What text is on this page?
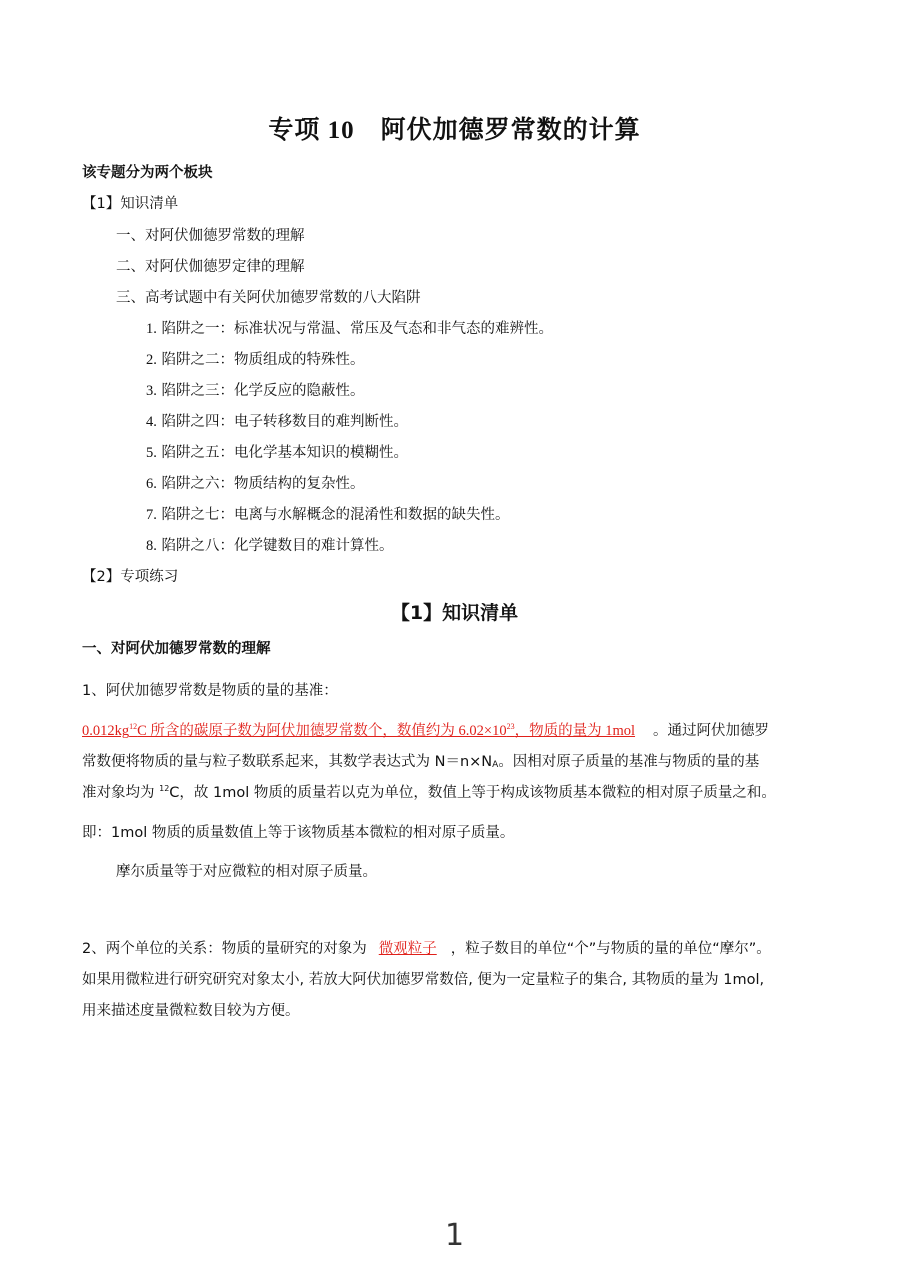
专项 10　阿伏加德罗常数的计算
该专题分为两个板块
【1】知识清单
一、对阿伏伽德罗常数的理解
二、对阿伏伽德罗定律的理解
三、高考试题中有关阿伏加德罗常数的八大陷阱
1. 陷阱之一：标准状况与常温、常压及气态和非气态的难辨性。
2. 陷阱之二：物质组成的特殊性。
3. 陷阱之三：化学反应的隐蔽性。
4. 陷阱之四：电子转移数目的难判断性。
5. 陷阱之五：电化学基本知识的模糊性。
6. 陷阱之六：物质结构的复杂性。
7. 陷阱之七：电离与水解概念的混淆性和数据的缺失性。
8. 陷阱之八：化学键数目的难计算性。
【2】专项练习
【1】知识清单
一、对阿伏加德罗常数的理解
1、阿伏加德罗常数是物质的量的基准：
$0.012kg^{12}C$ 所含的碳原子数为阿伏加德罗常数个，数值约为 $6.02\times 10^{23}$，物质的量为 1mol 。通过阿伏加德罗
常数便将物质的量与粒子数联系起来，其数学表达式为 $N=n\times N_A$。因相对原子质量的基准与物质的量的基
准对象均为 $^{12}$C，故 1mol 物质的质量若以克为单位，数值上等于构成该物质基本微粒的相对原子质量之和。
即：1mol 物质的质量数值上等于该物质基本微粒的相对原子质量。
摩尔质量等于对应微粒的相对原子质量。
2、两个单位的关系：物质的量研究的对象为 微观粒子 ，粒子数目的单位“个”与物质的量的单位“摩尔”。
如果用微粒进行研究研究对象太小, 若放大阿伏加德罗常数倍, 便为一定量粒子的集合, 其物质的量为 1mol,
用来描述度量微粒数目较为方便。
1
